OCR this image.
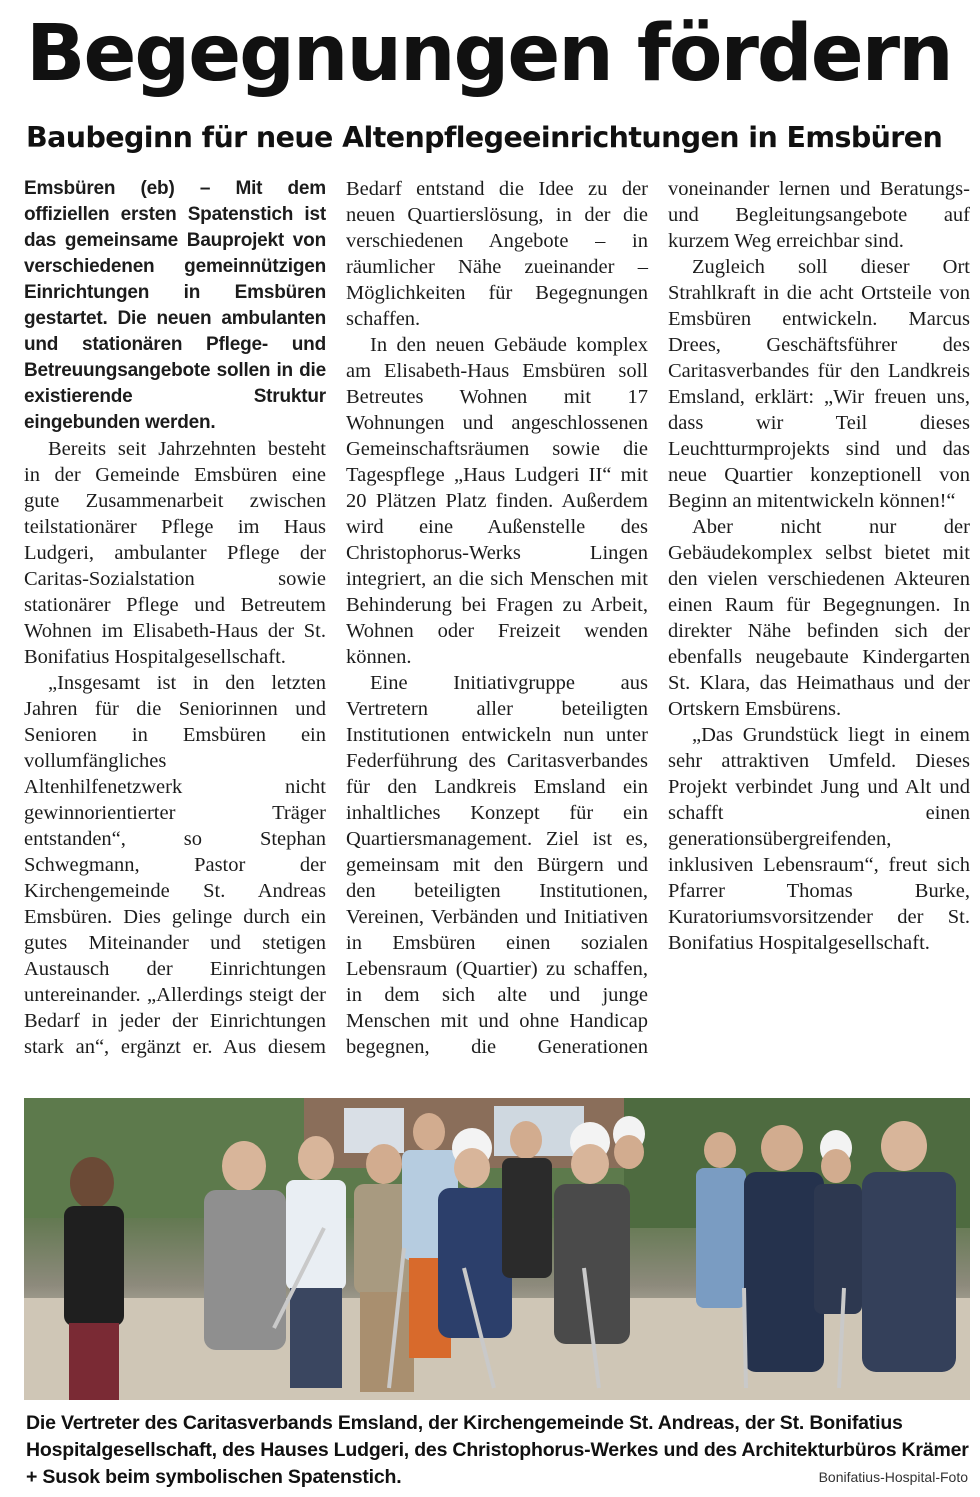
Begegnungen fördern
Baubeginn für neue Altenpflegeeinrichtungen in Emsbüren

Emsbüren (eb) – Mit dem offiziellen ersten Spatenstich ist das gemeinsame Bauprojekt von verschiedenen gemeinnützigen Einrichtungen in Emsbüren gestartet. Die neuen ambulanten und stationären Pflege- und Betreuungsangebote sollen in die existierende Struktur eingebunden werden.

Bereits seit Jahrzehnten besteht in der Gemeinde Emsbüren eine gute Zusammenarbeit zwischen teilstationärer Pflege im Haus Ludgeri, ambulanter Pflege der Caritas-Sozialstation sowie stationärer Pflege und Betreutem Wohnen im Elisabeth-Haus der St. Bonifatius Hospitalgesellschaft.

„Insgesamt ist in den letzten Jahren für die Seniorinnen und Senioren in Emsbüren ein vollumfängliches Altenhilfenetzwerk nicht gewinnorientierter Träger entstanden“, so Stephan Schwegmann, Pastor der Kirchengemeinde St. Andreas Emsbüren. Dies gelinge durch ein gutes Miteinander und stetigen Austausch der Einrichtungen untereinander. „Allerdings steigt der Bedarf in jeder der Einrichtungen stark an“, ergänzt er. Aus diesem Bedarf entstand die Idee zu der neuen Quartierslösung, in der die verschiedenen Angebote – in räumlicher Nähe zueinander – Möglichkeiten für Begegnungen schaffen.

In den neuen Gebäude komplex am Elisabeth-Haus Emsbüren soll Betreutes Wohnen mit 17 Wohnungen und angeschlossenen Gemeinschaftsräumen sowie die Tagespflege „Haus Ludgeri II“ mit 20 Plätzen Platz finden. Außerdem wird eine Außenstelle des Christophorus-Werks Lingen integriert, an die sich Menschen mit Behinderung bei Fragen zu Arbeit, Wohnen oder Freizeit wenden können.

Eine Initiativgruppe aus Vertretern aller beteiligten Institutionen entwickeln nun unter Federführung des Caritasverbandes für den Landkreis Emsland ein inhaltliches Konzept für ein Quartiersmanagement. Ziel ist es, gemeinsam mit den Bürgern und den beteiligten Institutionen, Vereinen, Verbänden und Initiativen in Emsbüren einen sozialen Lebensraum (Quartier) zu schaffen, in dem sich alte und junge Menschen mit und ohne Handicap begegnen, die Generationen voneinander lernen und Beratungs- und Begleitungsangebote auf kurzem Weg erreichbar sind.

Zugleich soll dieser Ort Strahlkraft in die acht Ortsteile von Emsbüren entwickeln. Marcus Drees, Geschäftsführer des Caritasverbandes für den Landkreis Emsland, erklärt: „Wir freuen uns, dass wir Teil dieses Leuchtturmprojekts sind und das neue Quartier konzeptionell von Beginn an mitentwickeln können!“

Aber nicht nur der Gebäudekomplex selbst bietet mit den vielen verschiedenen Akteuren einen Raum für Begegnungen. In direkter Nähe befinden sich der ebenfalls neugebaute Kindergarten St. Klara, das Heimathaus und der Ortskern Emsbürens.

„Das Grundstück liegt in einem sehr attraktiven Umfeld. Dieses Projekt verbindet Jung und Alt und schafft einen generationsübergreifenden, inklusiven Lebensraum“, freut sich Pfarrer Thomas Burke, Kuratoriumsvorsitzender der St. Bonifatius Hospitalgesellschaft.

Die Vertreter des Caritasverbands Emsland, der Kirchengemeinde St. Andreas, der St. Bonifatius Hospitalgesellschaft, des Hauses Ludgeri, des Christophorus-Werkes und des Architekturbüros Krämer + Susok beim symbolischen Spatenstich.	Bonifatius-Hospital-Foto
